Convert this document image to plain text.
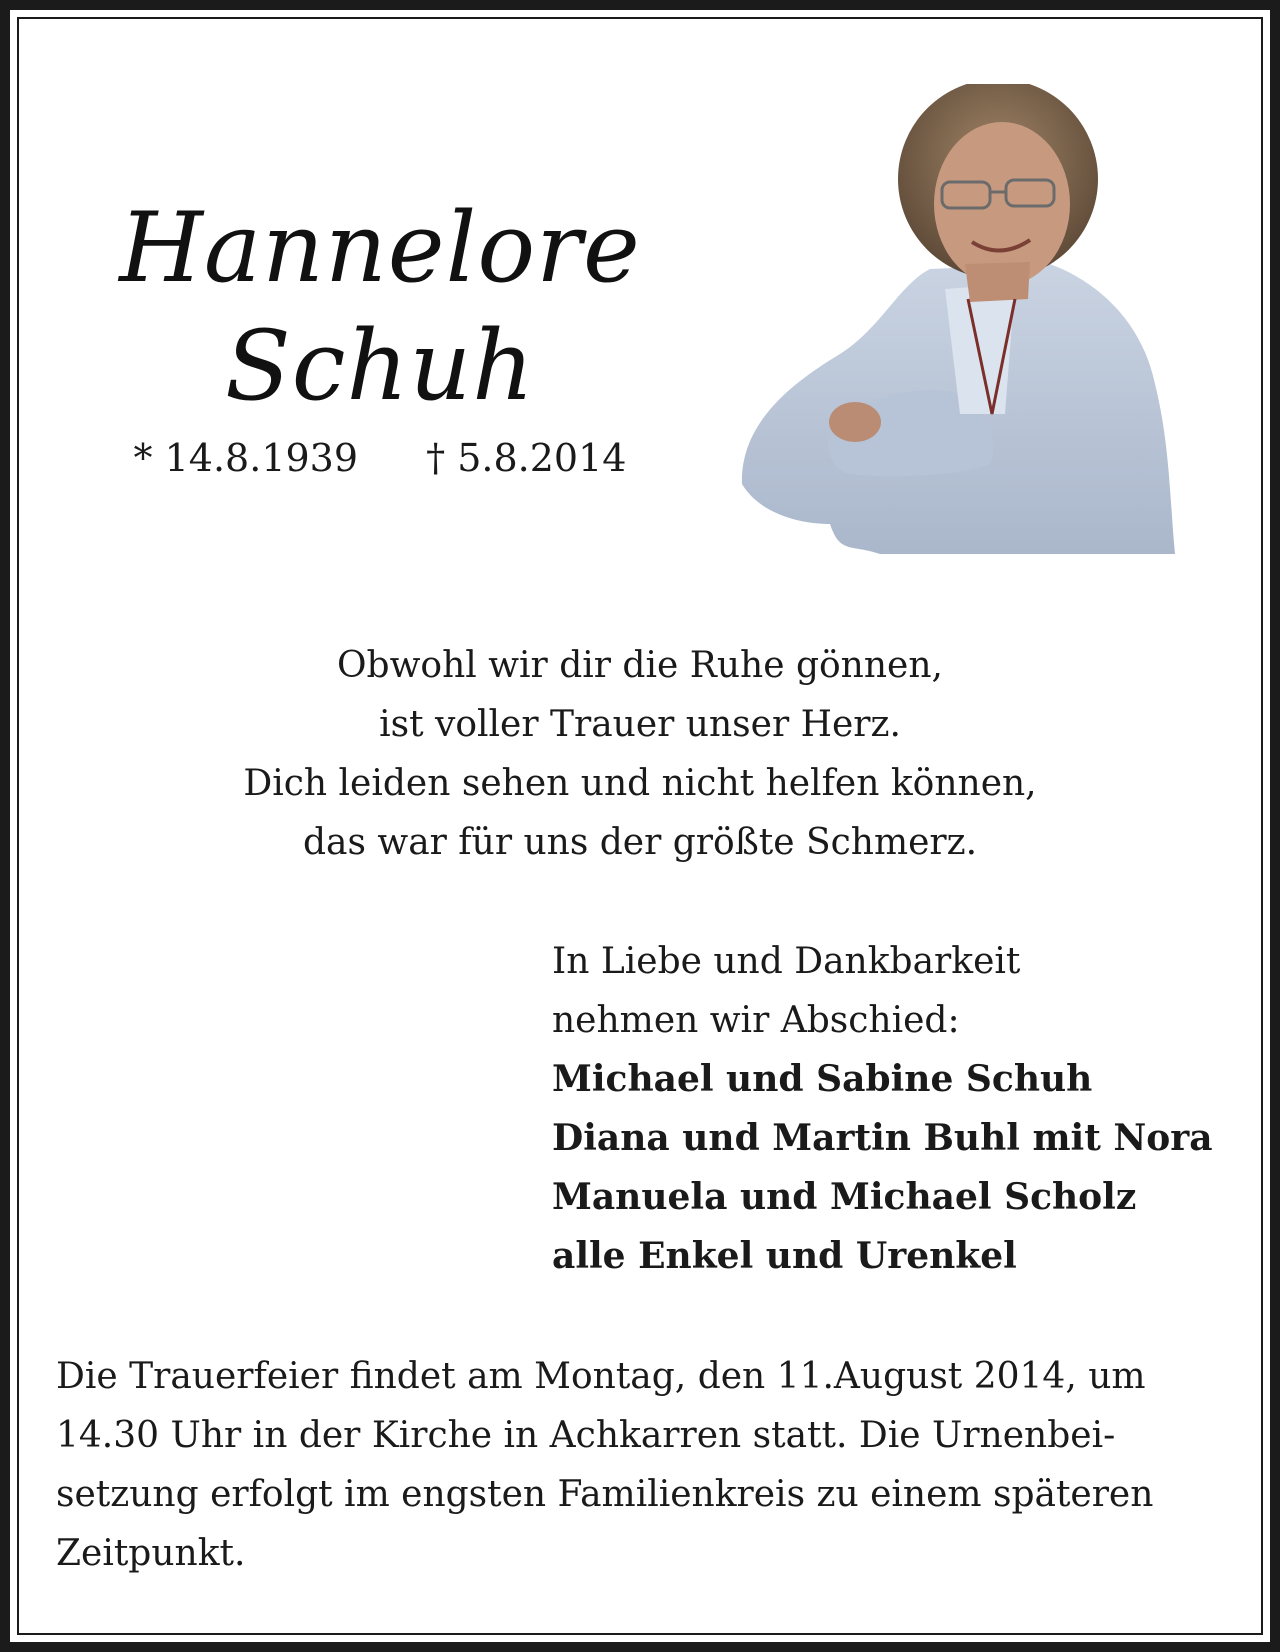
Hannelore
Schuh
* 14.8.1939 † 5.8.2014
Obwohl wir dir die Ruhe gönnen,
ist voller Trauer unser Herz.
Dich leiden sehen und nicht helfen können,
das war für uns der größte Schmerz.
In Liebe und Dankbarkeit
nehmen wir Abschied:
Michael und Sabine Schuh
Diana und Martin Buhl mit Nora
Manuela und Michael Scholz
alle Enkel und Urenkel
Die Trauerfeier findet am Montag, den 11.August 2014, um
14.30 Uhr in der Kirche in Achkarren statt. Die Urnenbei-
setzung erfolgt im engsten Familienkreis zu einem späteren
Zeitpunkt.
